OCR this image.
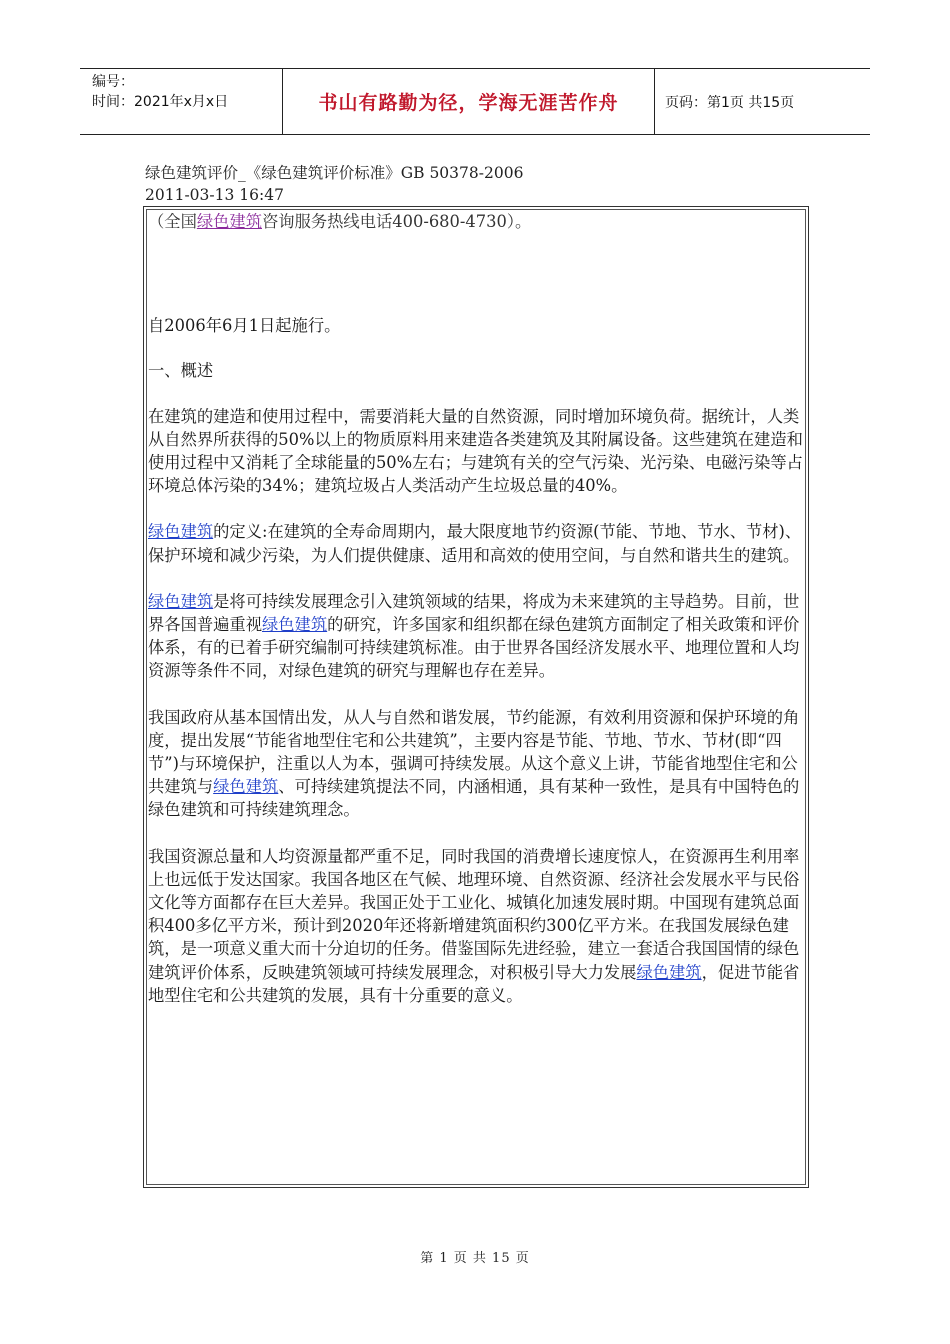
编号：
时间：2021年x月x日	书山有路勤为径，学海无涯苦作舟	页码：第1页 共15页
绿色建筑评价_《绿色建筑评价标准》GB 50378-2006
2011-03-13 16:47

（全国绿色建筑咨询服务热线电话400-680-4730）。

自2006年6月1日起施行。

一、概述

在建筑的建造和使用过程中，需要消耗大量的自然资源，同时增加环境负荷。据统计，人类从自然界所获得的50%以上的物质原料用来建造各类建筑及其附属设备。这些建筑在建造和使用过程中又消耗了全球能量的50%左右；与建筑有关的空气污染、光污染、电磁污染等占环境总体污染的34%；建筑垃圾占人类活动产生垃圾总量的40%。

绿色建筑的定义:在建筑的全寿命周期内，最大限度地节约资源(节能、节地、节水、节材)、保护环境和减少污染，为人们提供健康、适用和高效的使用空间，与自然和谐共生的建筑。

绿色建筑是将可持续发展理念引入建筑领域的结果，将成为未来建筑的主导趋势。目前，世界各国普遍重视绿色建筑的研究，许多国家和组织都在绿色建筑方面制定了相关政策和评价体系，有的已着手研究编制可持续建筑标准。由于世界各国经济发展水平、地理位置和人均资源等条件不同，对绿色建筑的研究与理解也存在差异。

我国政府从基本国情出发，从人与自然和谐发展，节约能源，有效利用资源和保护环境的角度，提出发展“节能省地型住宅和公共建筑”，主要内容是节能、节地、节水、节材(即“四节”)与环境保护，注重以人为本，强调可持续发展。从这个意义上讲，节能省地型住宅和公共建筑与绿色建筑、可持续建筑提法不同，内涵相通，具有某种一致性，是具有中国特色的绿色建筑和可持续建筑理念。

我国资源总量和人均资源量都严重不足，同时我国的消费增长速度惊人，在资源再生利用率上也远低于发达国家。我国各地区在气候、地理环境、自然资源、经济社会发展水平与民俗文化等方面都存在巨大差异。我国正处于工业化、城镇化加速发展时期。中国现有建筑总面积400多亿平方米，预计到2020年还将新增建筑面积约300亿平方米。在我国发展绿色建筑，是一项意义重大而十分迫切的任务。借鉴国际先进经验，建立一套适合我国国情的绿色建筑评价体系，反映建筑领域可持续发展理念，对积极引导大力发展绿色建筑，促进节能省地型住宅和公共建筑的发展，具有十分重要的意义。

第 1 页 共 15 页
